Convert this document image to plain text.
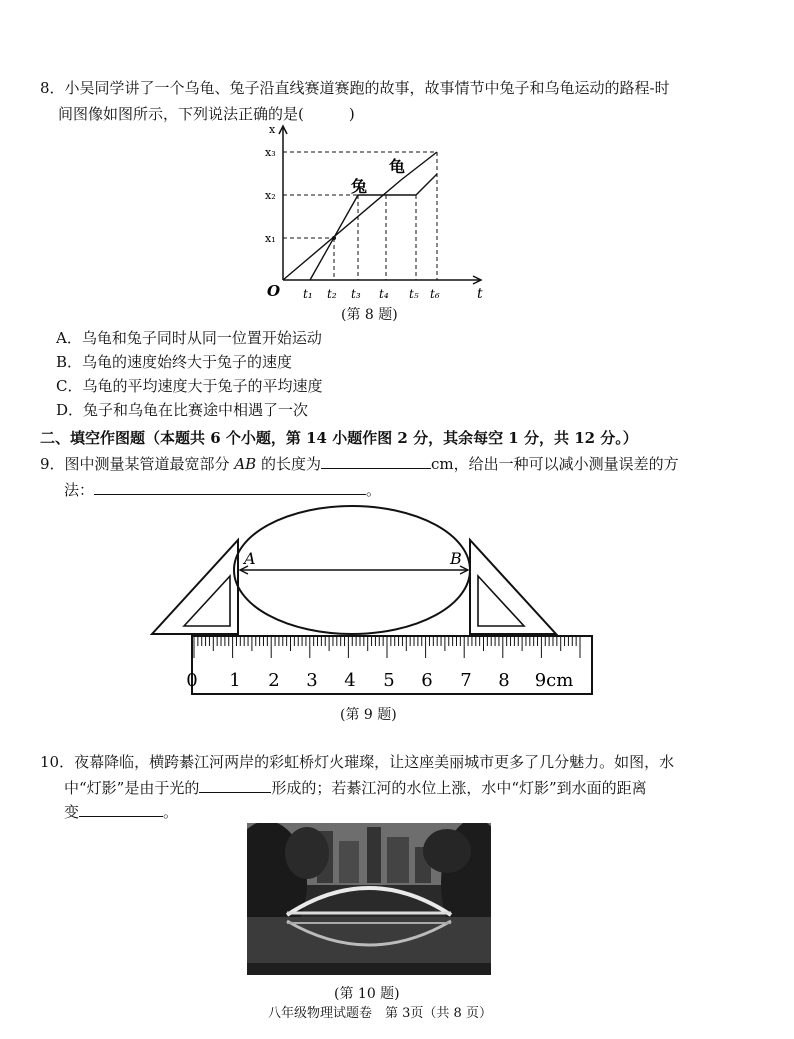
8．小吴同学讲了一个乌龟、兔子沿直线赛道赛跑的故事，故事情节中兔子和乌龟运动的路程-时
间图像如图所示，下列说法正确的是(　　　)
x
x₃
x₂
x₁
O t₁ t₂ t₃ t₄ t₅ t₆	t
兔
龟
(第 8 题)
A．乌龟和兔子同时从同一位置开始运动
B．乌龟的速度始终大于兔子的速度
C．乌龟的平均速度大于兔子的平均速度
D．兔子和乌龟在比赛途中相遇了一次
二、填空作图题（本题共 6 个小题，第 14 小题作图 2 分，其余每空 1 分，共 12 分。）
9．图中测量某管道最宽部分 AB 的长度为	cm，给出一种可以减小测量误差的方
法：	。
A	B
0 1 2 3 4 5 6 7 8 9cm
(第 9 题)
10．夜幕降临，横跨綦江河两岸的彩虹桥灯火璀璨，让这座美丽城市更多了几分魅力。如图，水
中“灯影”是由于光的	形成的；若綦江河的水位上涨，水中“灯影”到水面的距离
变	。
(第 10 题)
八年级物理试题卷　第 3页（共 8 页）
